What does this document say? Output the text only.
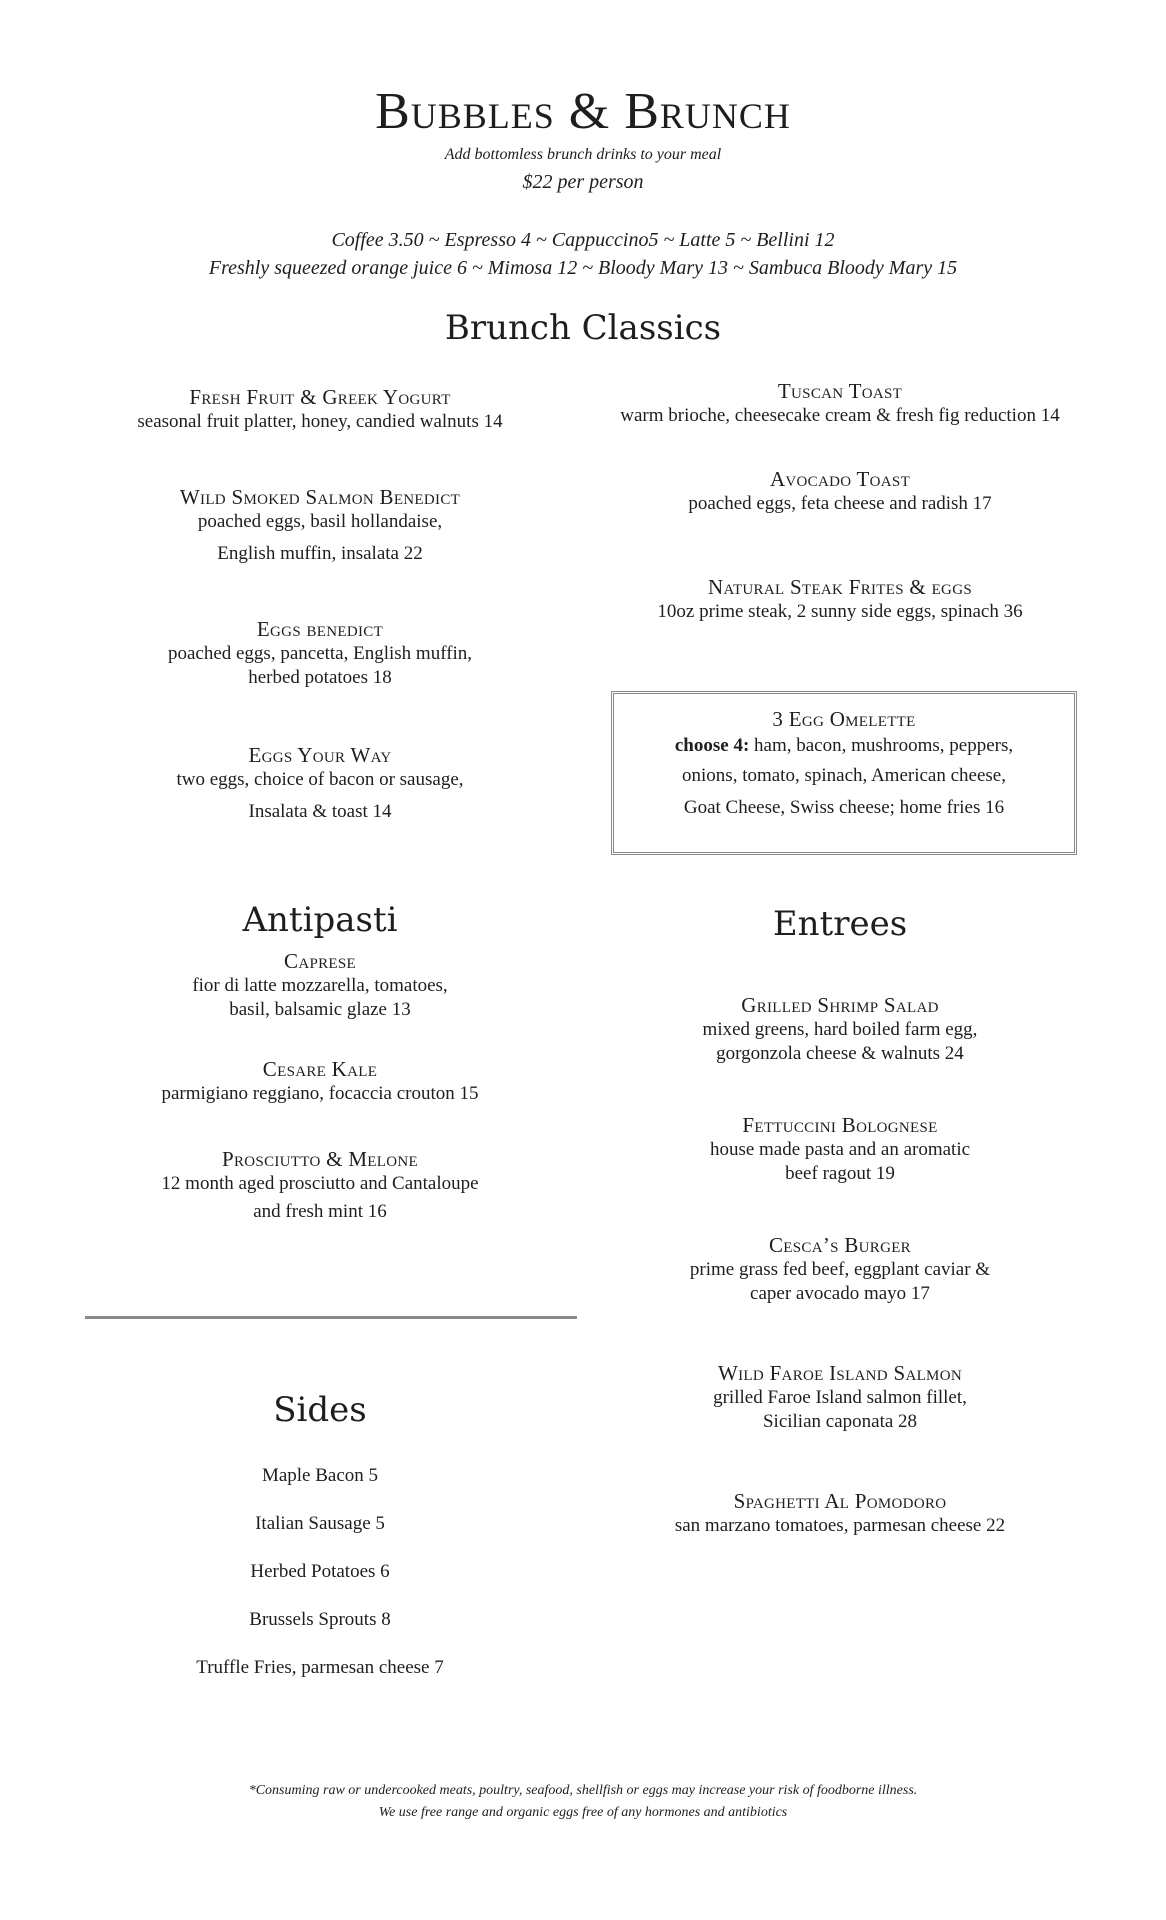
Bubbles & Brunch
Add bottomless brunch drinks to your meal
$22 per person
Coffee 3.50 ~ Espresso 4 ~ Cappuccino5 ~ Latte 5 ~ Bellini 12
Freshly squeezed orange juice 6 ~ Mimosa 12 ~ Bloody Mary 13 ~ Sambuca Bloody Mary 15
Brunch Classics
Fresh Fruit & Greek Yogurt
seasonal fruit platter, honey, candied walnuts 14
Wild Smoked Salmon Benedict
poached eggs, basil hollandaise,
English muffin, insalata 22
Eggs benedict
poached eggs, pancetta, English muffin,
herbed potatoes 18
Eggs Your Way
two eggs, choice of bacon or sausage,
Insalata & toast 14
Tuscan Toast
warm brioche, cheesecake cream & fresh fig reduction 14
Avocado Toast
poached eggs, feta cheese and radish 17
Natural Steak Frites & eggs
10oz prime steak, 2 sunny side eggs, spinach 36
3 Egg Omelette
choose 4: ham, bacon, mushrooms, peppers,
onions, tomato, spinach, American cheese,
Goat Cheese, Swiss cheese; home fries 16
Antipasti
Caprese
fior di latte mozzarella, tomatoes,
basil, balsamic glaze 13
Cesare Kale
parmigiano reggiano, focaccia crouton 15
Prosciutto & Melone
12 month aged prosciutto and Cantaloupe
and fresh mint 16
Entrees
Grilled Shrimp Salad
mixed greens, hard boiled farm egg,
gorgonzola cheese & walnuts 24
Fettuccini Bolognese
house made pasta and an aromatic
beef ragout 19
Cesca’s Burger
prime grass fed beef, eggplant caviar &
caper avocado mayo 17
Wild Faroe Island Salmon
grilled Faroe Island salmon fillet,
Sicilian caponata 28
Spaghetti Al Pomodoro
san marzano tomatoes, parmesan cheese 22
Sides
Maple Bacon 5
Italian Sausage 5
Herbed Potatoes 6
Brussels Sprouts 8
Truffle Fries, parmesan cheese 7
*Consuming raw or undercooked meats, poultry, seafood, shellfish or eggs may increase your risk of foodborne illness.
We use free range and organic eggs free of any hormones and antibiotics
